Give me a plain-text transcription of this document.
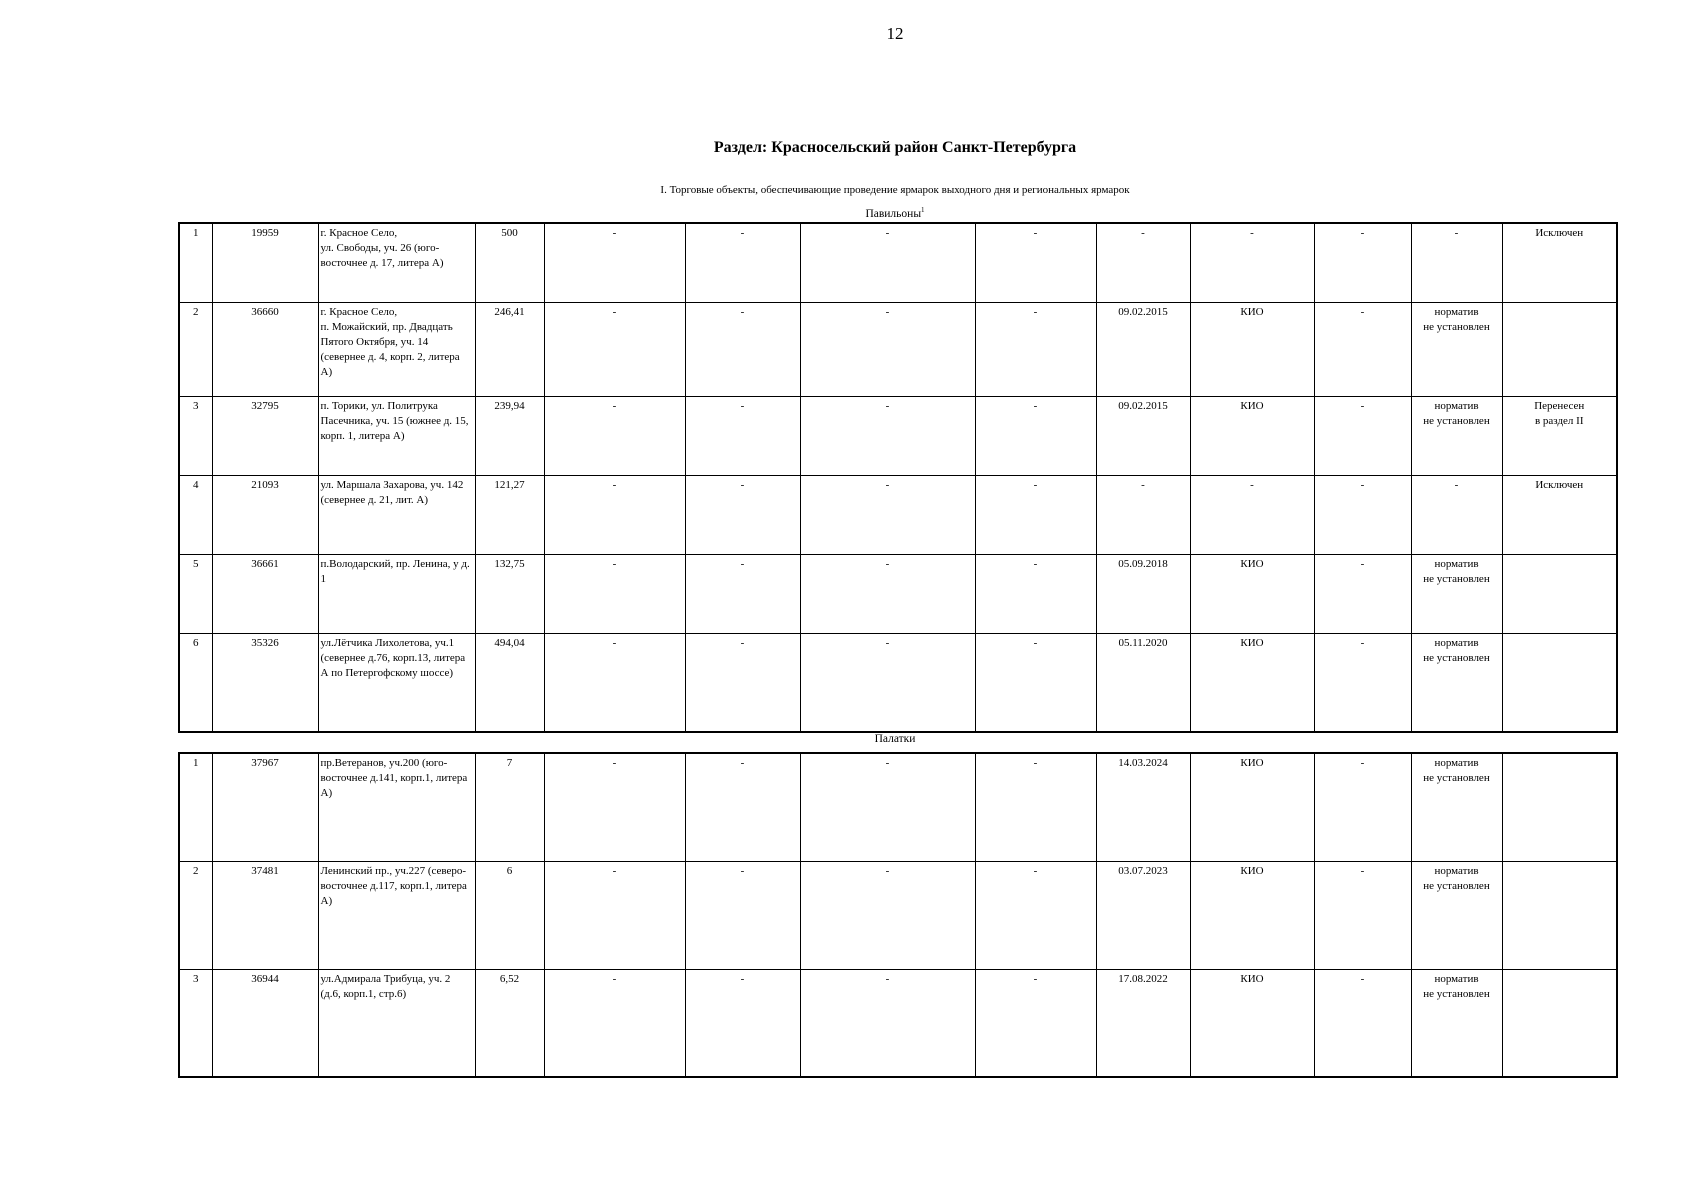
12
Раздел: Красносельский район Санкт-Петербурга
I. Торговые объекты, обеспечивающие проведение ярмарок выходного дня и региональных ярмарок
Павильоны$^1$
1	19959	г. Красное Село,
ул. Свободы, уч. 26 (юго-восточнее д. 17, литера А)	500	-	-	-	-	-	-	-	-	Исключен
2	36660	г. Красное Село,
п. Можайский, пр. Двадцать Пятого Октября, уч. 14 (севернее д. 4, корп. 2, литера А)	246,41	-	-	-	-	09.02.2015	КИО	-	норматив
не установлен	
3	32795	п. Торики, ул. Политрука Пасечника, уч. 15 (южнее д. 15, корп. 1, литера А)	239,94	-	-	-	-	09.02.2015	КИО	-	норматив
не установлен	Перенесен
в раздел II
4	21093	ул. Маршала Захарова, уч. 142 (севернее д. 21, лит. А)	121,27	-	-	-	-	-	-	-	-	Исключен
5	36661	п.Володарский, пр. Ленина, у д. 1	132,75	-	-	-	-	05.09.2018	КИО	-	норматив
не установлен	
6	35326	ул.Лётчика Лихолетова, уч.1 (севернее д.76, корп.13, литера А по Петергофскому шоссе)	494,04	-	-	-	-	05.11.2020	КИО	-	норматив
не установлен	
Палатки
1	37967	пр.Ветеранов, уч.200 (юго-восточнее д.141, корп.1, литера А)	7	-	-	-	-	14.03.2024	КИО	-	норматив
не установлен	
2	37481	Ленинский пр., уч.227 (северо-восточнее д.117, корп.1, литера А)	6	-	-	-	-	03.07.2023	КИО	-	норматив
не установлен	
3	36944	ул.Адмирала Трибуца, уч. 2 (д.6, корп.1, стр.6)	6,52	-	-	-	-	17.08.2022	КИО	-	норматив
не установлен	
